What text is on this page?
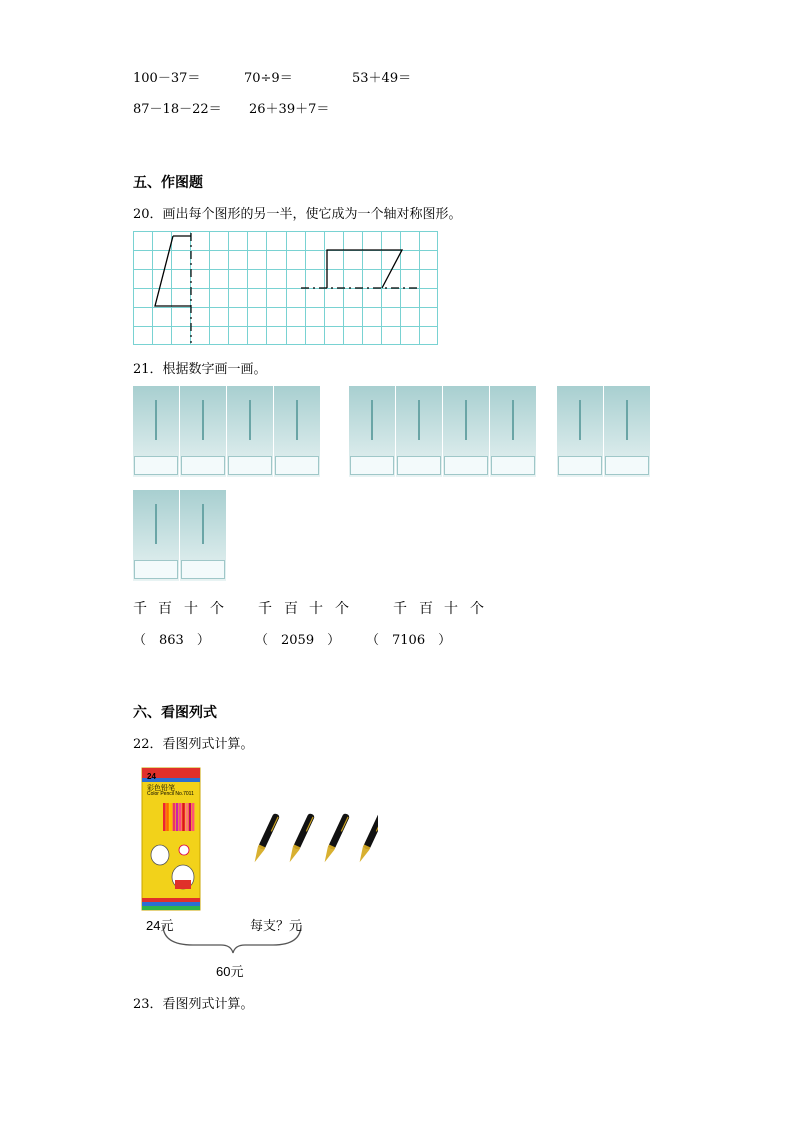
100－37＝	70÷9＝	53＋49＝
87－18－22＝ 26＋39＋7＝
五、作图题
20．画出每个图形的另一半，使它成为一个轴对称图形。
21．根据数字画一画。
千 百 十 个 千 百 十 个	千 百 十 个
（　863　）	（　2059　） （　7106　）
六、看图列式
22．看图列式计算。
24
彩色铅笔
Color Pencil No.7011
24元	每支？元
60元
23．看图列式计算。
